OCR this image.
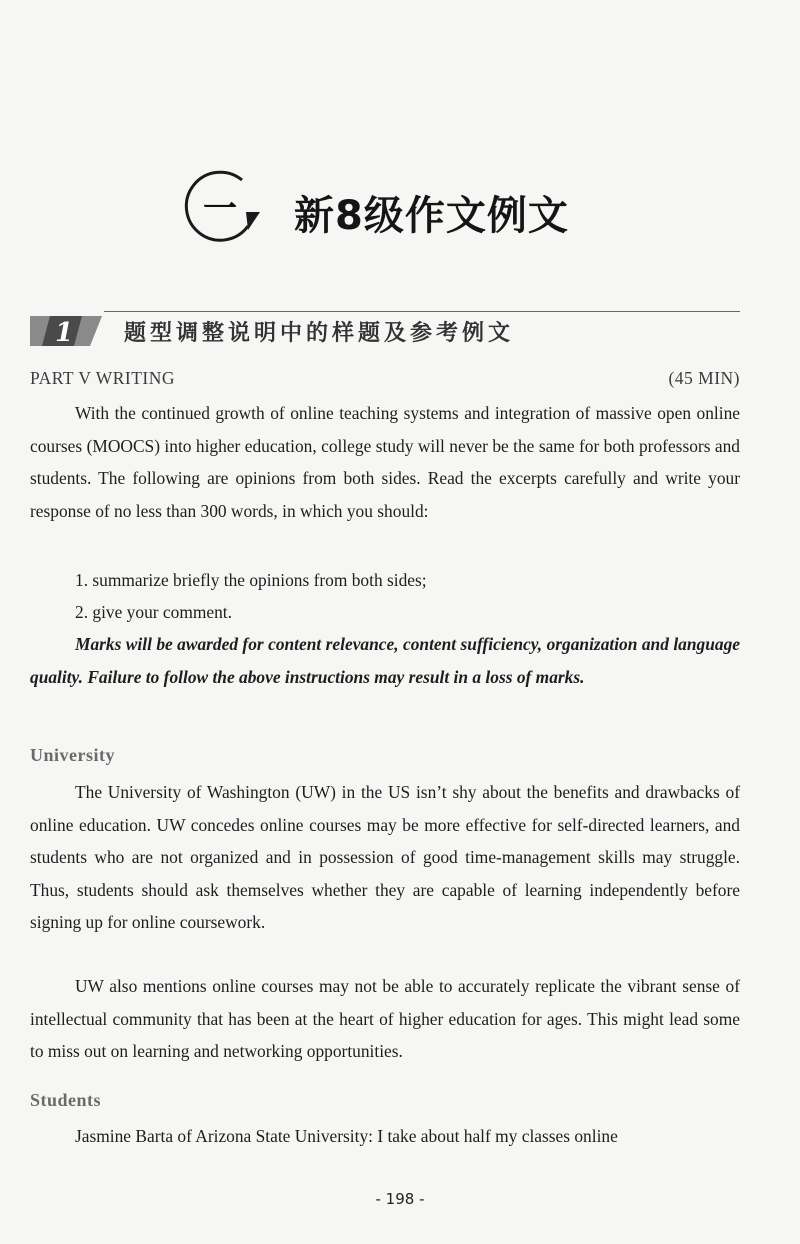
一 新8级作文例文
1 题型调整说明中的样题及参考例文
PART V WRITING	(45 MIN)
With the continued growth of online teaching systems and integration of massive open online courses (MOOCS) into higher education, college study will never be the same for both professors and students. The following are opinions from both sides. Read the excerpts carefully and write your response of no less than 300 words, in which you should:
1. summarize briefly the opinions from both sides;
2. give your comment.
Marks will be awarded for content relevance, content sufficiency, organization and language quality. Failure to follow the above instructions may result in a loss of marks.
University
The University of Washington (UW) in the US isn’t shy about the benefits and drawbacks of online education. UW concedes online courses may be more effective for self-directed learners, and students who are not organized and in possession of good time-management skills may struggle. Thus, students should ask themselves whether they are capable of learning independently before signing up for online coursework.
UW also mentions online courses may not be able to accurately replicate the vibrant sense of intellectual community that has been at the heart of higher education for ages. This might lead some to miss out on learning and networking opportunities.
Students
Jasmine Barta of Arizona State University: I take about half my classes online
- 198 -
